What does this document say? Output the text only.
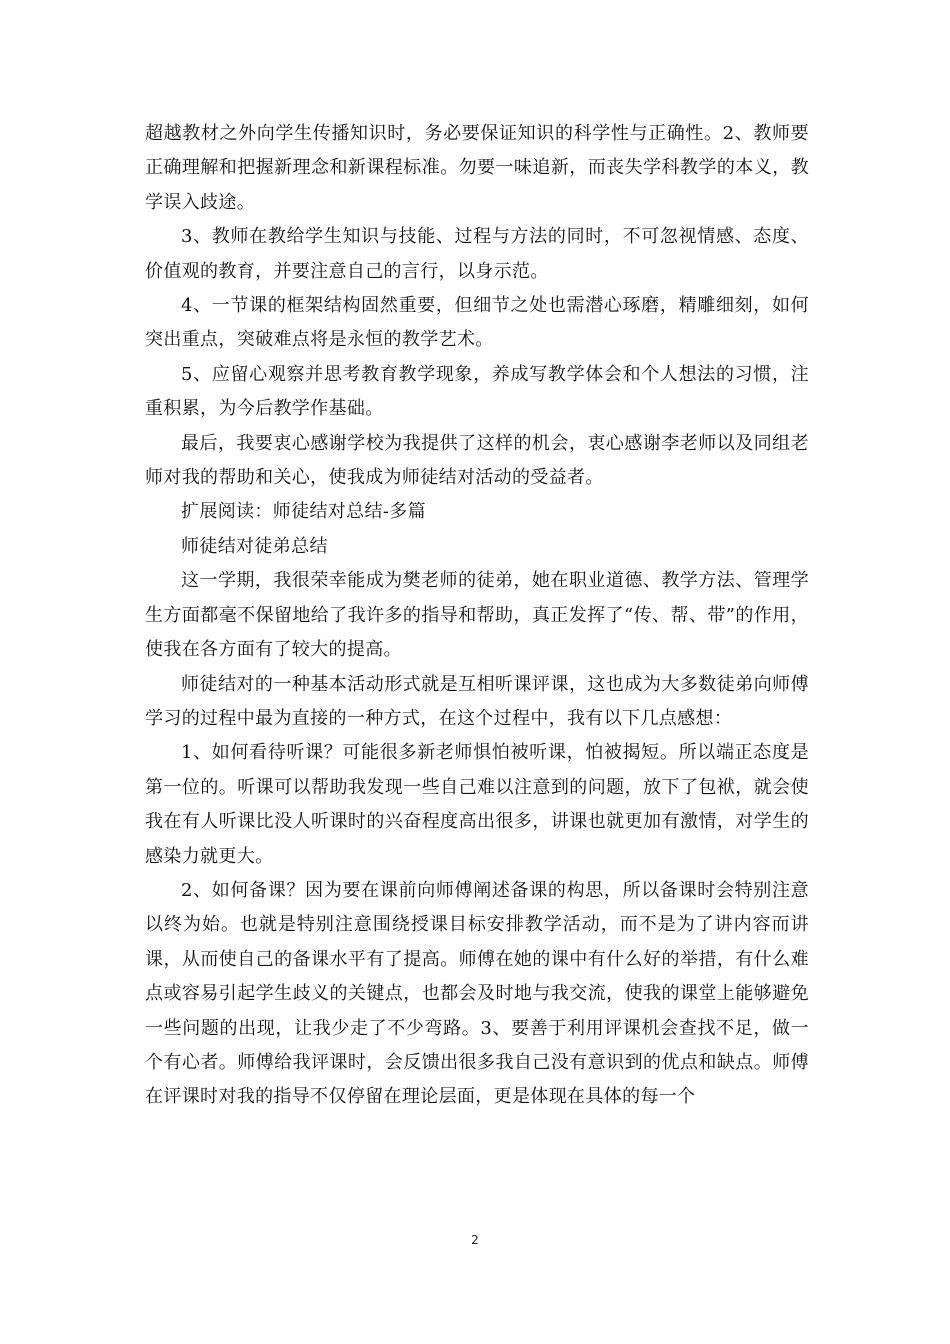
超越教材之外向学生传播知识时，务必要保证知识的科学性与正确性。2、教师要正确理解和把握新理念和新课程标准。勿要一味追新，而丧失学科教学的本义，教学误入歧途。

3、教师在教给学生知识与技能、过程与方法的同时，不可忽视情感、态度、价值观的教育，并要注意自己的言行，以身示范。

4、一节课的框架结构固然重要，但细节之处也需潜心琢磨，精雕细刻，如何突出重点，突破难点将是永恒的教学艺术。

5、应留心观察并思考教育教学现象，养成写教学体会和个人想法的习惯，注重积累，为今后教学作基础。

最后，我要衷心感谢学校为我提供了这样的机会，衷心感谢李老师以及同组老师对我的帮助和关心，使我成为师徒结对活动的受益者。

扩展阅读：师徒结对总结-多篇

师徒结对徒弟总结

这一学期，我很荣幸能成为樊老师的徒弟，她在职业道德、教学方法、管理学生方面都毫不保留地给了我许多的指导和帮助，真正发挥了“传、帮、带”的作用，使我在各方面有了较大的提高。

师徒结对的一种基本活动形式就是互相听课评课，这也成为大多数徒弟向师傅学习的过程中最为直接的一种方式，在这个过程中，我有以下几点感想：

1、如何看待听课？可能很多新老师惧怕被听课，怕被揭短。所以端正态度是第一位的。听课可以帮助我发现一些自己难以注意到的问题，放下了包袱，就会使我在有人听课比没人听课时的兴奋程度高出很多，讲课也就更加有激情，对学生的感染力就更大。

2、如何备课？因为要在课前向师傅阐述备课的构思，所以备课时会特别注意以终为始。也就是特别注意围绕授课目标安排教学活动，而不是为了讲内容而讲课，从而使自己的备课水平有了提高。师傅在她的课中有什么好的举措，有什么难点或容易引起学生歧义的关键点，也都会及时地与我交流，使我的课堂上能够避免一些问题的出现，让我少走了不少弯路。3、要善于利用评课机会查找不足，做一个有心者。师傅给我评课时，会反馈出很多我自己没有意识到的优点和缺点。师傅在评课时对我的指导不仅停留在理论层面，更是体现在具体的每一个

2
